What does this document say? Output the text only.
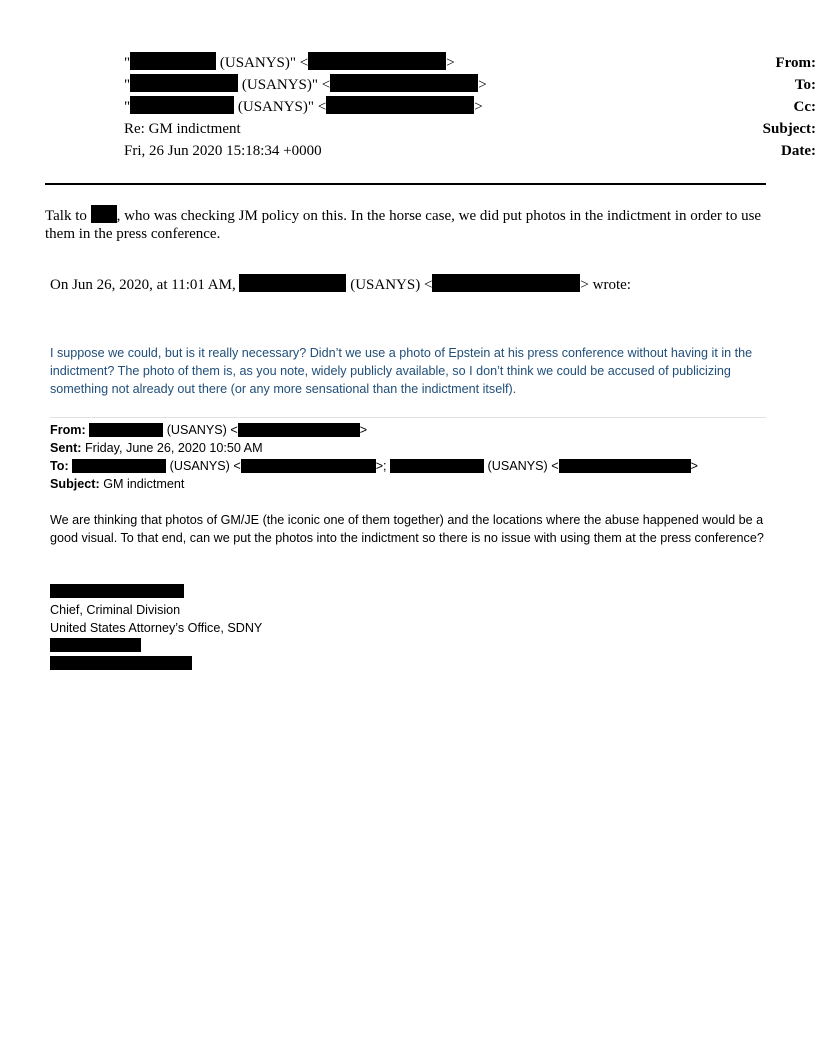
From:
"	(USANYS)" <	>
To:
"	(USANYS)" <	>
Cc:
"	(USANYS)" <	>
Subject:
Re: GM indictment
Date:
Fri, 26 Jun 2020 15:18:34 +0000
Talk to , who was checking JM policy on this. In the horse case, we did put photos in the indictment in order to use them in the press conference.
On Jun 26, 2020, at 11:01 AM,	(USANYS) <	> wrote:
I suppose we could, but is it really necessary? Didn’t we use a photo of Epstein at his press conference without having it in the indictment? The photo of them is, as you note, widely publicly available, so I don’t think we could be accused of publicizing something not already out there (or any more sensational than the indictment itself).
From:	(USANYS) <	>
Sent: Friday, June 26, 2020 10:50 AM
To:	(USANYS) <	>;	(USANYS) <	>
Subject: GM indictment
We are thinking that photos of GM/JE (the iconic one of them together) and the locations where the abuse happened would be a good visual. To that end, can we put the photos into the indictment so there is no issue with using them at the press conference?
Chief, Criminal Division
United States Attorney’s Office, SDNY
